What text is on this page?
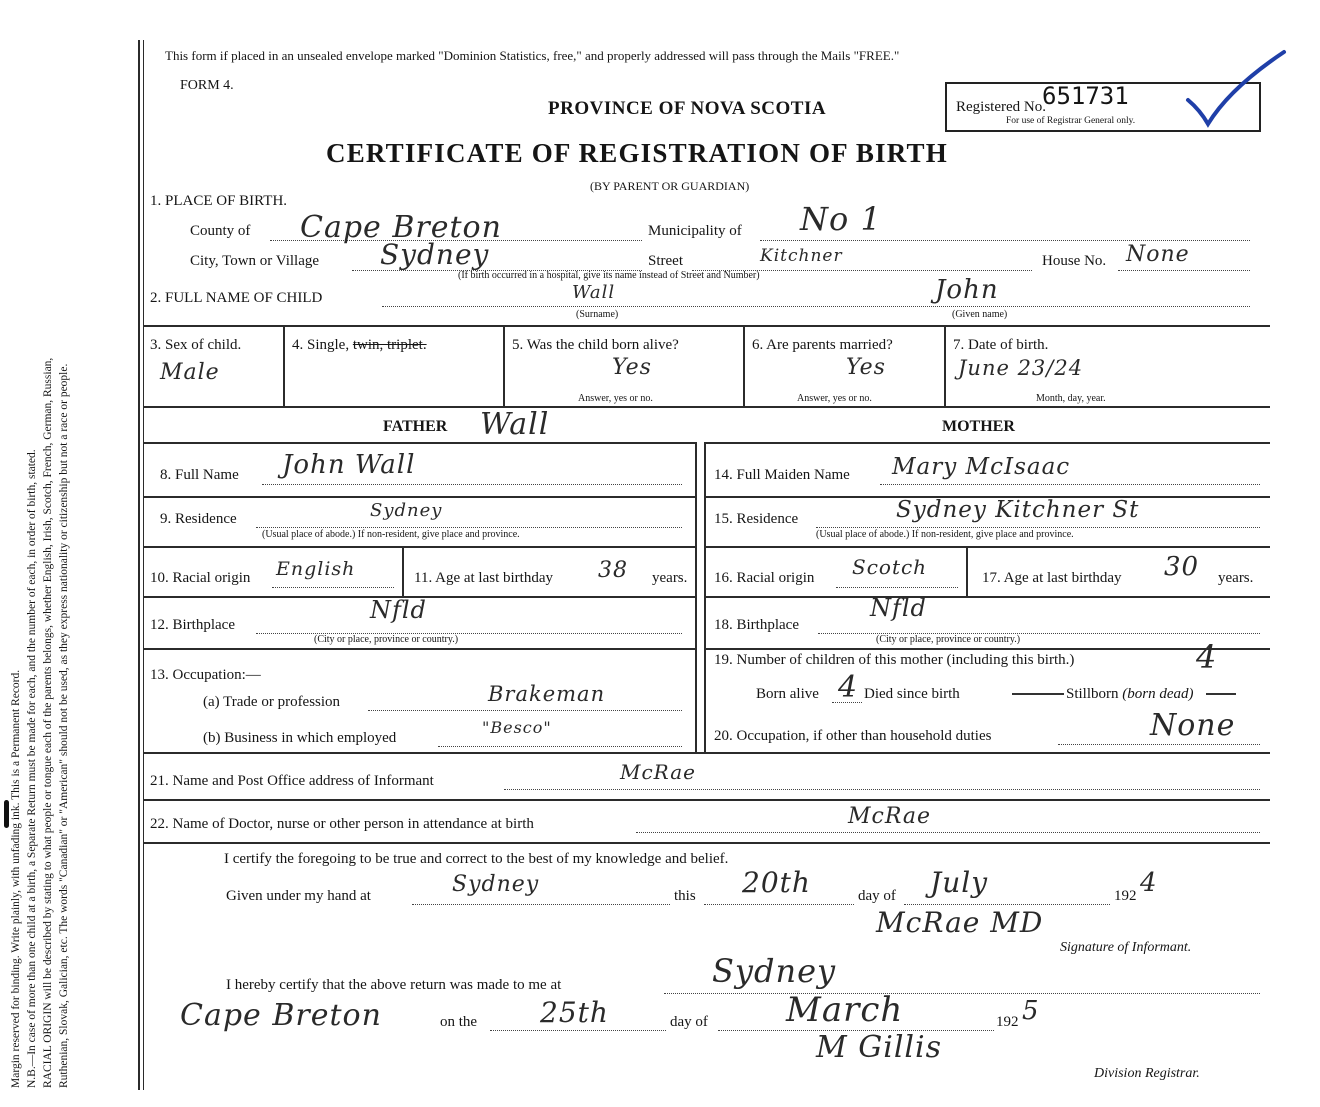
Margin reserved for binding. Write plainly, with unfading ink. This is a Permanent Record. N.B.—In case of more than one child at a birth, a Separate Return must be made for each, and the number of each, in order of birth, stated. RACIAL ORIGIN will be described by stating to what people or tongue each of the parents belongs, whether English, Irish, Scotch, French, German, Russian, Ruthenian, Slovak, Galician, etc. The words "Canadian" or "American" should not be used, as they express nationality or citizenship but not a race or people.
This form if placed in an unsealed envelope marked "Dominion Statistics, free," and properly addressed will pass through the Mails "FREE."
FORM 4.
PROVINCE OF NOVA SCOTIA
CERTIFICATE OF REGISTRATION OF BIRTH
(BY PARENT OR GUARDIAN)
Registered No.
651731
For use of Registrar General only.
1. PLACE OF BIRTH.
County of Cape Breton	Municipality of No 1
City, Town or Village Sydney	Street	Kitchner	House No. None
(If birth occurred in a hospital, give its name instead of Street and Number)
2. FULL NAME OF CHILD	Wall
(Surname)
John
(Given name)
3. Sex of child.
Male
4. Single, twin, triplet.	5. Was the child born alive?
Yes
Answer, yes or no.
6. Are parents married?
Yes
Answer, yes or no.
7. Date of birth.
June 23/24
Month, day, year.
FATHER Wall	MOTHER
8. Full Name John Wall
9. Residence	Sydney
(Usual place of abode.) If non-resident, give place and province.
10. Racial origin English	11. Age at last birthday 38 years.
12. Birthplace
Nfld
(City or place, province or country.)
13. Occupation:—
(a) Trade or profession	Brakeman
(b) Business in which employed
"Besco"
14. Full Maiden Name Mary McIsaac
15. Residence	Sydney Kitchner St
(Usual place of abode.) If non-resident, give place and province.
16. Racial origin Scotch	17. Age at last birthday 30 years.
18. Birthplace
Nfld
(City or place, province or country.)
19. Number of children of this mother (including this birth.)	4
Born alive 4 Died since birth	Stillborn (born dead)
20. Occupation, if other than household duties	None
21. Name and Post Office address of Informant	McRae
22. Name of Doctor, nurse or other person in attendance at birth	McRae
I certify the foregoing to be true and correct to the best of my knowledge and belief.
Given under my hand at	Sydney	this 20th	day of July	192 4
McRae MD
Signature of Informant.
I hereby certify that the above return was made to me at	Sydney
Cape Breton	on the 25th	day of March	192 5
M Gillis
Division Registrar.
